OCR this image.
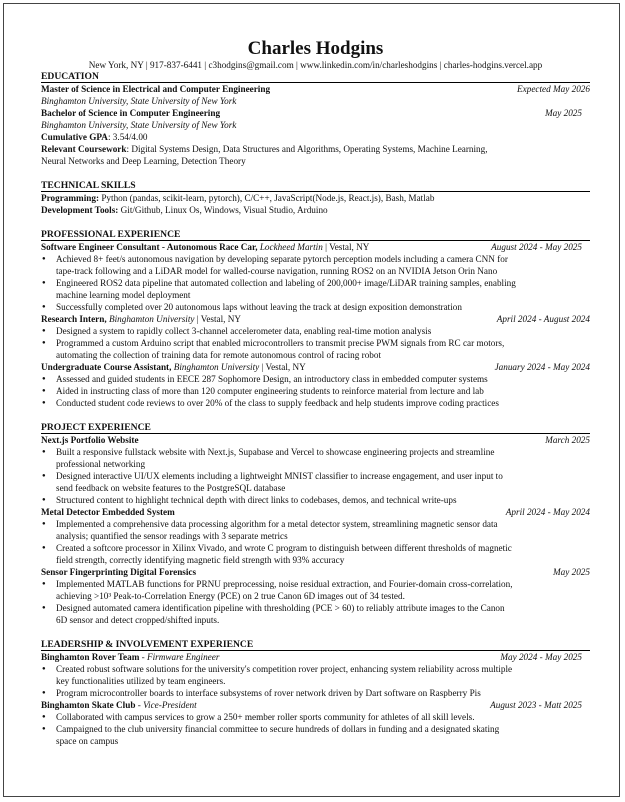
Charles Hodgins
New York, NY | 917-837-6441 | c3hodgins@gmail.com | www.linkedin.com/in/charleshodgins | charles-hodgins.vercel.app
EDUCATION
Master of Science in Electrical and Computer Engineering	Expected May 2026
Binghamton University, State University of New York
Bachelor of Science in Computer Engineering	May 2025
Binghamton University, State University of New York
Cumulative GPA: 3.54/4.00
Relevant Coursework: Digital Systems Design, Data Structures and Algorithms, Operating Systems, Machine Learning,
Neural Networks and Deep Learning, Detection Theory
TECHNICAL SKILLS
Programming: Python (pandas, scikit-learn, pytorch), C/C++, JavaScript(Node.js, React.js), Bash, Matlab
Development Tools: Git/Github, Linux Os, Windows, Visual Studio, Arduino
PROFESSIONAL EXPERIENCE
Software Engineer Consultant - Autonomous Race Car, Lockheed Martin | Vestal, NY	August 2024 - May 2025
● Achieved 8+ feet/s autonomous navigation by developing separate pytorch perception models including a camera CNN for
tape-track following and a LiDAR model for walled-course navigation, running ROS2 on an NVIDIA Jetson Orin Nano
● Engineered ROS2 data pipeline that automated collection and labeling of 200,000+ image/LiDAR training samples, enabling
machine learning model deployment
● Successfully completed over 20 autonomous laps without leaving the track at design exposition demonstration
Research Intern, Binghamton University | Vestal, NY	April 2024 - August 2024
● Designed a system to rapidly collect 3-channel accelerometer data, enabling real-time motion analysis
● Programmed a custom Arduino script that enabled microcontrollers to transmit precise PWM signals from RC car motors,
automating the collection of training data for remote autonomous control of racing robot
Undergraduate Course Assistant, Binghamton University | Vestal, NY	January 2024 - May 2024
● Assessed and guided students in EECE 287 Sophomore Design, an introductory class in embedded computer systems
● Aided in instructing class of more than 120 computer engineering students to reinforce material from lecture and lab
● Conducted student code reviews to over 20% of the class to supply feedback and help students improve coding practices
PROJECT EXPERIENCE
Next.js Portfolio Website	March 2025
● Built a responsive fullstack website with Next.js, Supabase and Vercel to showcase engineering projects and streamline
professional networking
● Designed interactive UI/UX elements including a lightweight MNIST classifier to increase engagement, and user input to
send feedback on website features to the PostgreSQL database
● Structured content to highlight technical depth with direct links to codebases, demos, and technical write-ups
Metal Detector Embedded System	April 2024 - May 2024
● Implemented a comprehensive data processing algorithm for a metal detector system, streamlining magnetic sensor data
analysis; quantified the sensor readings with 3 separate metrics
● Created a softcore processor in Xilinx Vivado, and wrote C program to distinguish between different thresholds of magnetic
field strength, correctly identifying magnetic field strength with 93% accuracy
Sensor Fingerprinting Digital Forensics	May 2025
● Implemented MATLAB functions for PRNU preprocessing, noise residual extraction, and Fourier-domain cross-correlation,
achieving >10³ Peak-to-Correlation Energy (PCE) on 2 true Canon 6D images out of 34 tested.
● Designed automated camera identification pipeline with thresholding (PCE > 60) to reliably attribute images to the Canon
6D sensor and detect cropped/shifted inputs.
LEADERSHIP & INVOLVEMENT EXPERIENCE
Binghamton Rover Team - Firmware Engineer	May 2024 - May 2025
● Created robust software solutions for the university's competition rover project, enhancing system reliability across multiple
key functionalities utilized by team engineers.
● Program microcontroller boards to interface subsystems of rover network driven by Dart software on Raspberry Pis
Binghamton Skate Club - Vice-President	August 2023 - Matt 2025
● Collaborated with campus services to grow a 250+ member roller sports community for athletes of all skill levels.
● Campaigned to the club university financial committee to secure hundreds of dollars in funding and a designated skating
space on campus
